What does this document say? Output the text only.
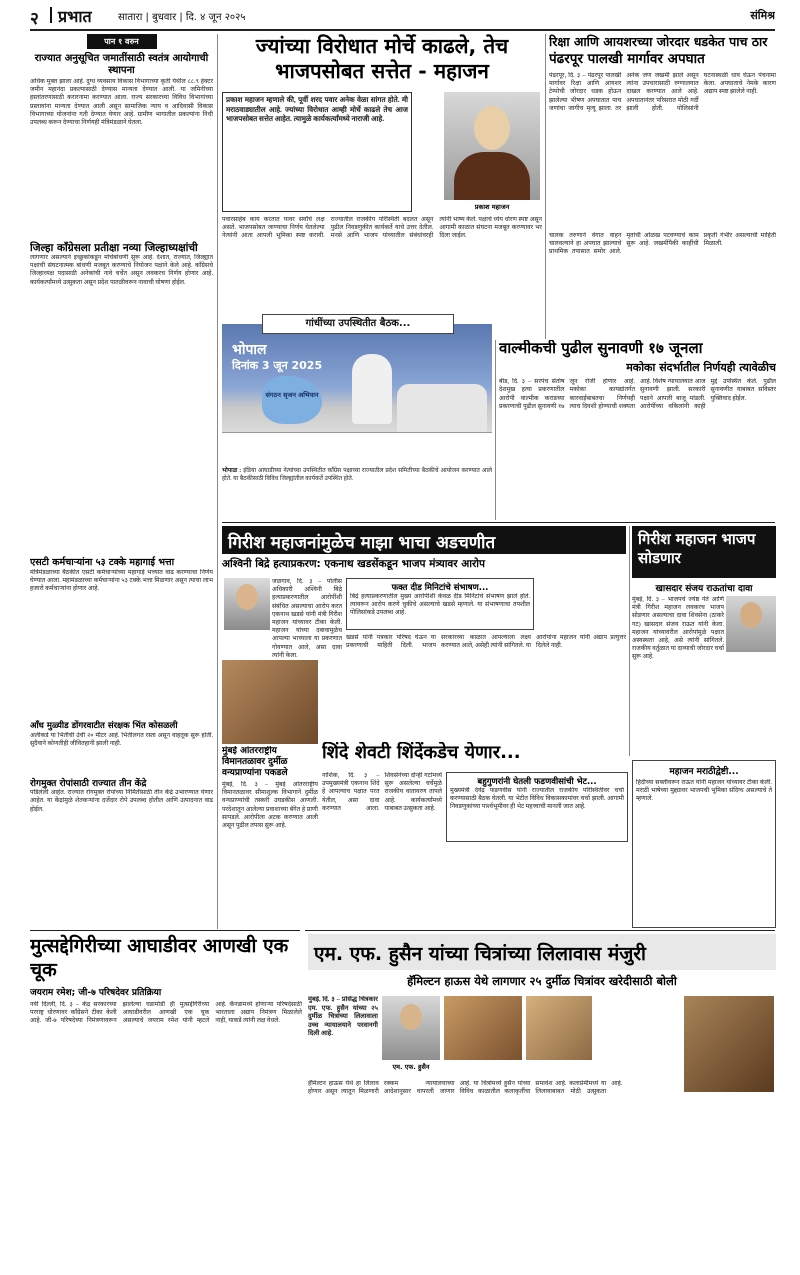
२ प्रभात	सातारा | बुधवार | दि. ४ जून २०२५	संमिश्र
पान १ वरुन
राज्यात अनुसूचित जमातींसाठी स्वतंत्र आयोगाची स्थापना
अधिक मुक्त झाला आहे. दुग्ध व्यवसाय विकास विभागाच्या कृती येथील ८८.९ हेक्टर जमीन महानंदा प्रकल्पासाठी देण्यास मान्यता देण्यात आली. या जमिनीच्या हस्तांतरणासाठी करारनामा करण्यात आला. राज्य सरकारच्या विविध विभागांच्या प्रस्तावांना मान्यता देण्यात आली असून सामाजिक न्याय व आदिवासी विकास विभागाच्या योजनांना गती देण्यात येणार आहे. ग्रामीण भागातील प्रकल्पांना निधी उपलब्ध करून देण्याचा निर्णयही मंत्रिमंडळाने घेतला.
जिल्हा काँग्रेसला प्रतीक्षा नव्या जिल्हाध्यक्षांची
लागणार असल्याने इच्छुकांकडून मोर्चेबांधणी सुरू आहे. देशात, राज्यात, जिल्ह्यात पक्षाची संघटनात्मक बांधणी मजबूत करण्याचे नियोजन पक्षाने केले आहे. काँग्रेसचे जिल्हाध्यक्ष पदासाठी अनेकांची नावे चर्चेत असून लवकरच निर्णय होणार आहे. कार्यकर्त्यांमध्ये उत्सुकता असून प्रदेश पातळीवरून नावाची घोषणा होईल.
एसटी कर्मचाऱ्यांना ५३ टक्के महागाई भत्ता
मंत्रिमंडळाच्या बैठकीत एसटी कर्मचाऱ्यांच्या महागाई भत्त्यात वाढ करण्याचा निर्णय घेण्यात आला. महामंडळाच्या कर्मचाऱ्यांना ५३ टक्के भत्ता मिळणार असून त्याचा लाभ हजारो कर्मचाऱ्यांना होणार आहे.
आँध मुळ्यीड डोंगरवाटीत संरक्षक भिंत कोसळली
अलीकडे या भिंतीची उंची २० मीटर आहे. भिंतीलगत रस्ता असून वाहतूक सुरू होती. सुदैवाने कोणतीही जीवितहानी झाली नाही.
रोगमुक्त रोपांसाठी राज्यात तीन केंद्रे
पडिलेली आहेत. राज्यात रोगमुक्त रोपांच्या निर्मितीसाठी तीन केंद्रे उभारण्यात येणार आहेत. या केंद्रांमुळे शेतकऱ्यांना दर्जेदार रोपे उपलब्ध होतील आणि उत्पादनात वाढ होईल.
मुत्सद्देगिरीच्या आघाडीवर आणखी एक चूक
जयराम रमेश; जी-७ परिषदेवर प्रतिक्रिया
नवी दिल्ली, दि. ३ – केंद्र सरकारच्या परराष्ट्र धोरणावर काँग्रेसने टीका केली आहे. जी-७ परिषदेच्या निमंत्रणावरून झालेल्या घडामोडी ही मुत्सद्देगिरीच्या आघाडीवरील आणखी एक चूक असल्याचे जयराम रमेश यांनी म्हटले आहे. कॅनडामध्ये होणाऱ्या परिषदेसाठी भारताला अद्याप निमंत्रण मिळालेले नाही, याकडे त्यांनी लक्ष वेधले.
ज्यांच्या विरोधात मोर्चे काढले, तेच भाजपसोबत सत्तेत - महाजन
प्रकाश महाजन म्हणाले की, पूर्वी शरद पवार अनेक वेळा सांगत होते. मी मराठवाड्यातील आहे. ज्यांच्या विरोधात आम्ही मोर्चे काढले तेच आज भाजपसोबत सत्तेत आहेत. त्यामुळे कार्यकर्त्यांमध्ये नाराजी आहे.
पवारसाहेब काय करतात यावर सर्वांचे लक्ष असते. भाजपसोबत जाण्याचा निर्णय घेतलेल्या नेत्यांनी आता आपली भूमिका स्पष्ट करावी. राज्यातील राजकीय परिस्थिती बदलत असून पुढील निवडणुकीत कार्यकर्ते याचे उत्तर देतील. मनसे आणि भाजप यांच्यातील संबंधांवरही त्यांनी भाष्य केले. पक्षाचे ध्येय धोरण स्पष्ट असून आगामी काळात संघटना मजबूत करण्यावर भर दिला जाईल.
प्रकाश महाजन
रिक्षा आणि आयशरच्या जोरदार धडकेत पाच ठार
पंढरपूर पालखी मार्गावर अपघात
पंढरपूर, दि. ३ – पंढरपूर पालखी मार्गावर रिक्षा आणि आयशर टेम्पोची जोरदार धडक होऊन झालेल्या भीषण अपघातात पाच जणांचा जागीच मृत्यू झाला. तर अनेक जण जखमी झाले असून त्यांना उपचारासाठी रुग्णालयात दाखल करण्यात आले आहे. अपघातानंतर परिसरात मोठी गर्दी झाली होती. पोलिसांनी घटनास्थळी धाव घेऊन पंचनामा केला. अपघाताचे नेमके कारण अद्याप स्पष्ट झालेले नाही.
चालक तरुणाने वेगात वाहन चालवल्याने हा अपघात झाल्याचे प्राथमिक तपासात समोर आले. मृतांची ओळख पटवण्याचे काम सुरू आहे. जखमींपैकी काहींची प्रकृती गंभीर असल्याची माहिती मिळाली.
गांधींच्या उपस्थितीत बैठक...
भोपाल
दिनांक 3 जून 2025
संगठन सृजन अभियान
भोपाळ : इंडिया आघाडीच्या नेत्यांच्या उपस्थितीत काँग्रेस पक्षाच्या राज्यातील प्रदेश समितीच्या बैठकीचे आयोजन करण्यात आले होते. या बैठकीसाठी विविध जिल्ह्यांतील कार्यकर्ते उपस्थित होते.
वाल्मीकची पुढील सुनावणी १७ जूनला
मकोका संदर्भातील निर्णयही त्यावेळीच
बीड, दि. ३ – सरपंच संतोष देशमुख हत्या प्रकरणातील आरोपी वाल्मीक कराडच्या प्रकरणाची पुढील सुनावणी १७ जून रोजी होणार आहे. मकोका कायद्यांतर्गत कारवाईबाबतचा निर्णयही त्याच दिवशी होण्याची शक्यता आहे. विशेष न्यायालयात आज सुनावणी झाली. सरकारी पक्षाने आपली बाजू मांडली. आरोपींच्या वकिलांनी काही मुद्दे उपस्थित केले. पुढील सुनावणीत याबाबत सविस्तर युक्तिवाद होईल.
गिरीश महाजनांमुळेच माझा भाचा अडचणीत
अश्विनी बिद्रे हत्याप्रकरण: एकनाथ खडसेंकडून भाजप मंत्र्यावर आरोप
जळगाव, दि. ३ – पोलीस अधिकारी अश्विनी बिद्रे हत्याप्रकरणातील आरोपींशी संबंधित असल्याचा आरोप करत एकनाथ खडसे यांनी मंत्री गिरीश महाजन यांच्यावर टीका केली. महाजन यांच्या दबावामुळेच आपल्या भाच्याला या प्रकरणात गोवण्यात आले, असा दावा त्यांनी केला.
फक्त दीड मिनिटांचे संभाषण...
बिद्रे हत्याप्रकरणातील मुख्य आरोपीशी केवळ दीड मिनिटांचे संभाषण झाले होते. त्यावरून आरोप करणे चुकीचे असल्याचे खडसे म्हणाले. या संभाषणाचा तपशील पोलिसांकडे उपलब्ध आहे.
खडसे यांनी पत्रकार परिषद घेऊन या प्रकरणाची माहिती दिली. भाजप सरकारच्या काळात आपल्याला लक्ष्य करण्यात आले, असेही त्यांनी सांगितले. या आरोपांना महाजन यांनी अद्याप प्रत्युत्तर दिलेले नाही.
गिरीश महाजन भाजप सोडणार
खासदार संजय राऊतांचा दावा
मुंबई, दि. ३ – भाजपचे ज्येष्ठ नेते आणि मंत्री गिरीश महाजन लवकरच भाजप सोडणार असल्याचा दावा शिवसेना (ठाकरे गट) खासदार संजय राऊत यांनी केला. महाजन यांच्यावरील आरोपांमुळे पक्षात अस्वस्थता आहे, असे त्यांनी सांगितले. राजकीय वर्तुळात या दाव्याची जोरदार चर्चा सुरू आहे.
महाजन मराठीद्वेष्टी...
हिंदीच्या सक्तीवरून राऊत यांनी महाजन यांच्यावर टीका केली. मराठी भाषेच्या मुद्द्यावर भाजपची भूमिका संदिग्ध असल्याचे ते म्हणाले.
मुंबई आंतरराष्ट्रीय विमानतळावर दुर्मीळ वन्यप्राण्यांना पकडले
मुंबई, दि. ३ – मुंबई आंतरराष्ट्रीय विमानतळावर सीमाशुल्क विभागाने दुर्मीळ वन्यप्राण्यांची तस्करी उघडकीस आणली. परदेशातून आलेल्या प्रवाशाच्या बॅगेत हे प्राणी सापडले. आरोपीला अटक करण्यात आली असून पुढील तपास सुरू आहे.
शिंदे शेवटी शिंदेंकडेच येणार...
नाशिक, दि. ३ – उपमुख्यमंत्री एकनाथ शिंदे हे आपल्याच पक्षात परत येतील, असा दावा करण्यात आला. शिवसेनेच्या दोन्ही गटांमध्ये सुरू असलेल्या चर्चेमुळे राजकीय वातावरण तापले आहे. कार्यकर्त्यांमध्ये याबाबत उत्सुकता आहे.
बहुगुणरांनी घेतली फडणवीसांची भेट...
मुख्यमंत्री देवेंद्र फडणवीस यांनी राज्यातील राजकीय परिस्थितीवर चर्चा करण्यासाठी बैठक घेतली. या भेटीत विविध विकासकामांवर चर्चा झाली. आगामी निवडणुकांच्या पार्श्वभूमीवर ही भेट महत्त्वाची मानली जात आहे.
एम. एफ. हुसैन यांच्या चित्रांच्या लिलावास मंजुरी
हॅमिल्टन हाऊस येथे लागणार २५ दुर्मीळ चित्रांवर खरेदीसाठी बोली
मुंबई, दि. ३ – प्रसिद्ध चित्रकार एम. एफ. हुसैन यांच्या २५ दुर्मीळ चित्रांच्या लिलावाला उच्च न्यायालयाने परवानगी दिली आहे.
एम. एफ. हुसैन
हॅमिल्टन हाऊस येथे हा लिलाव होणार असून त्यातून मिळणारी रक्कम न्यायालयाच्या आदेशानुसार वापरली जाणार आहे. या चित्रांमध्ये हुसैन यांच्या विविध काळातील कलाकृतींचा समावेश आहे. कलाप्रेमींमध्ये या लिलावाबाबत मोठी उत्सुकता आहे.
